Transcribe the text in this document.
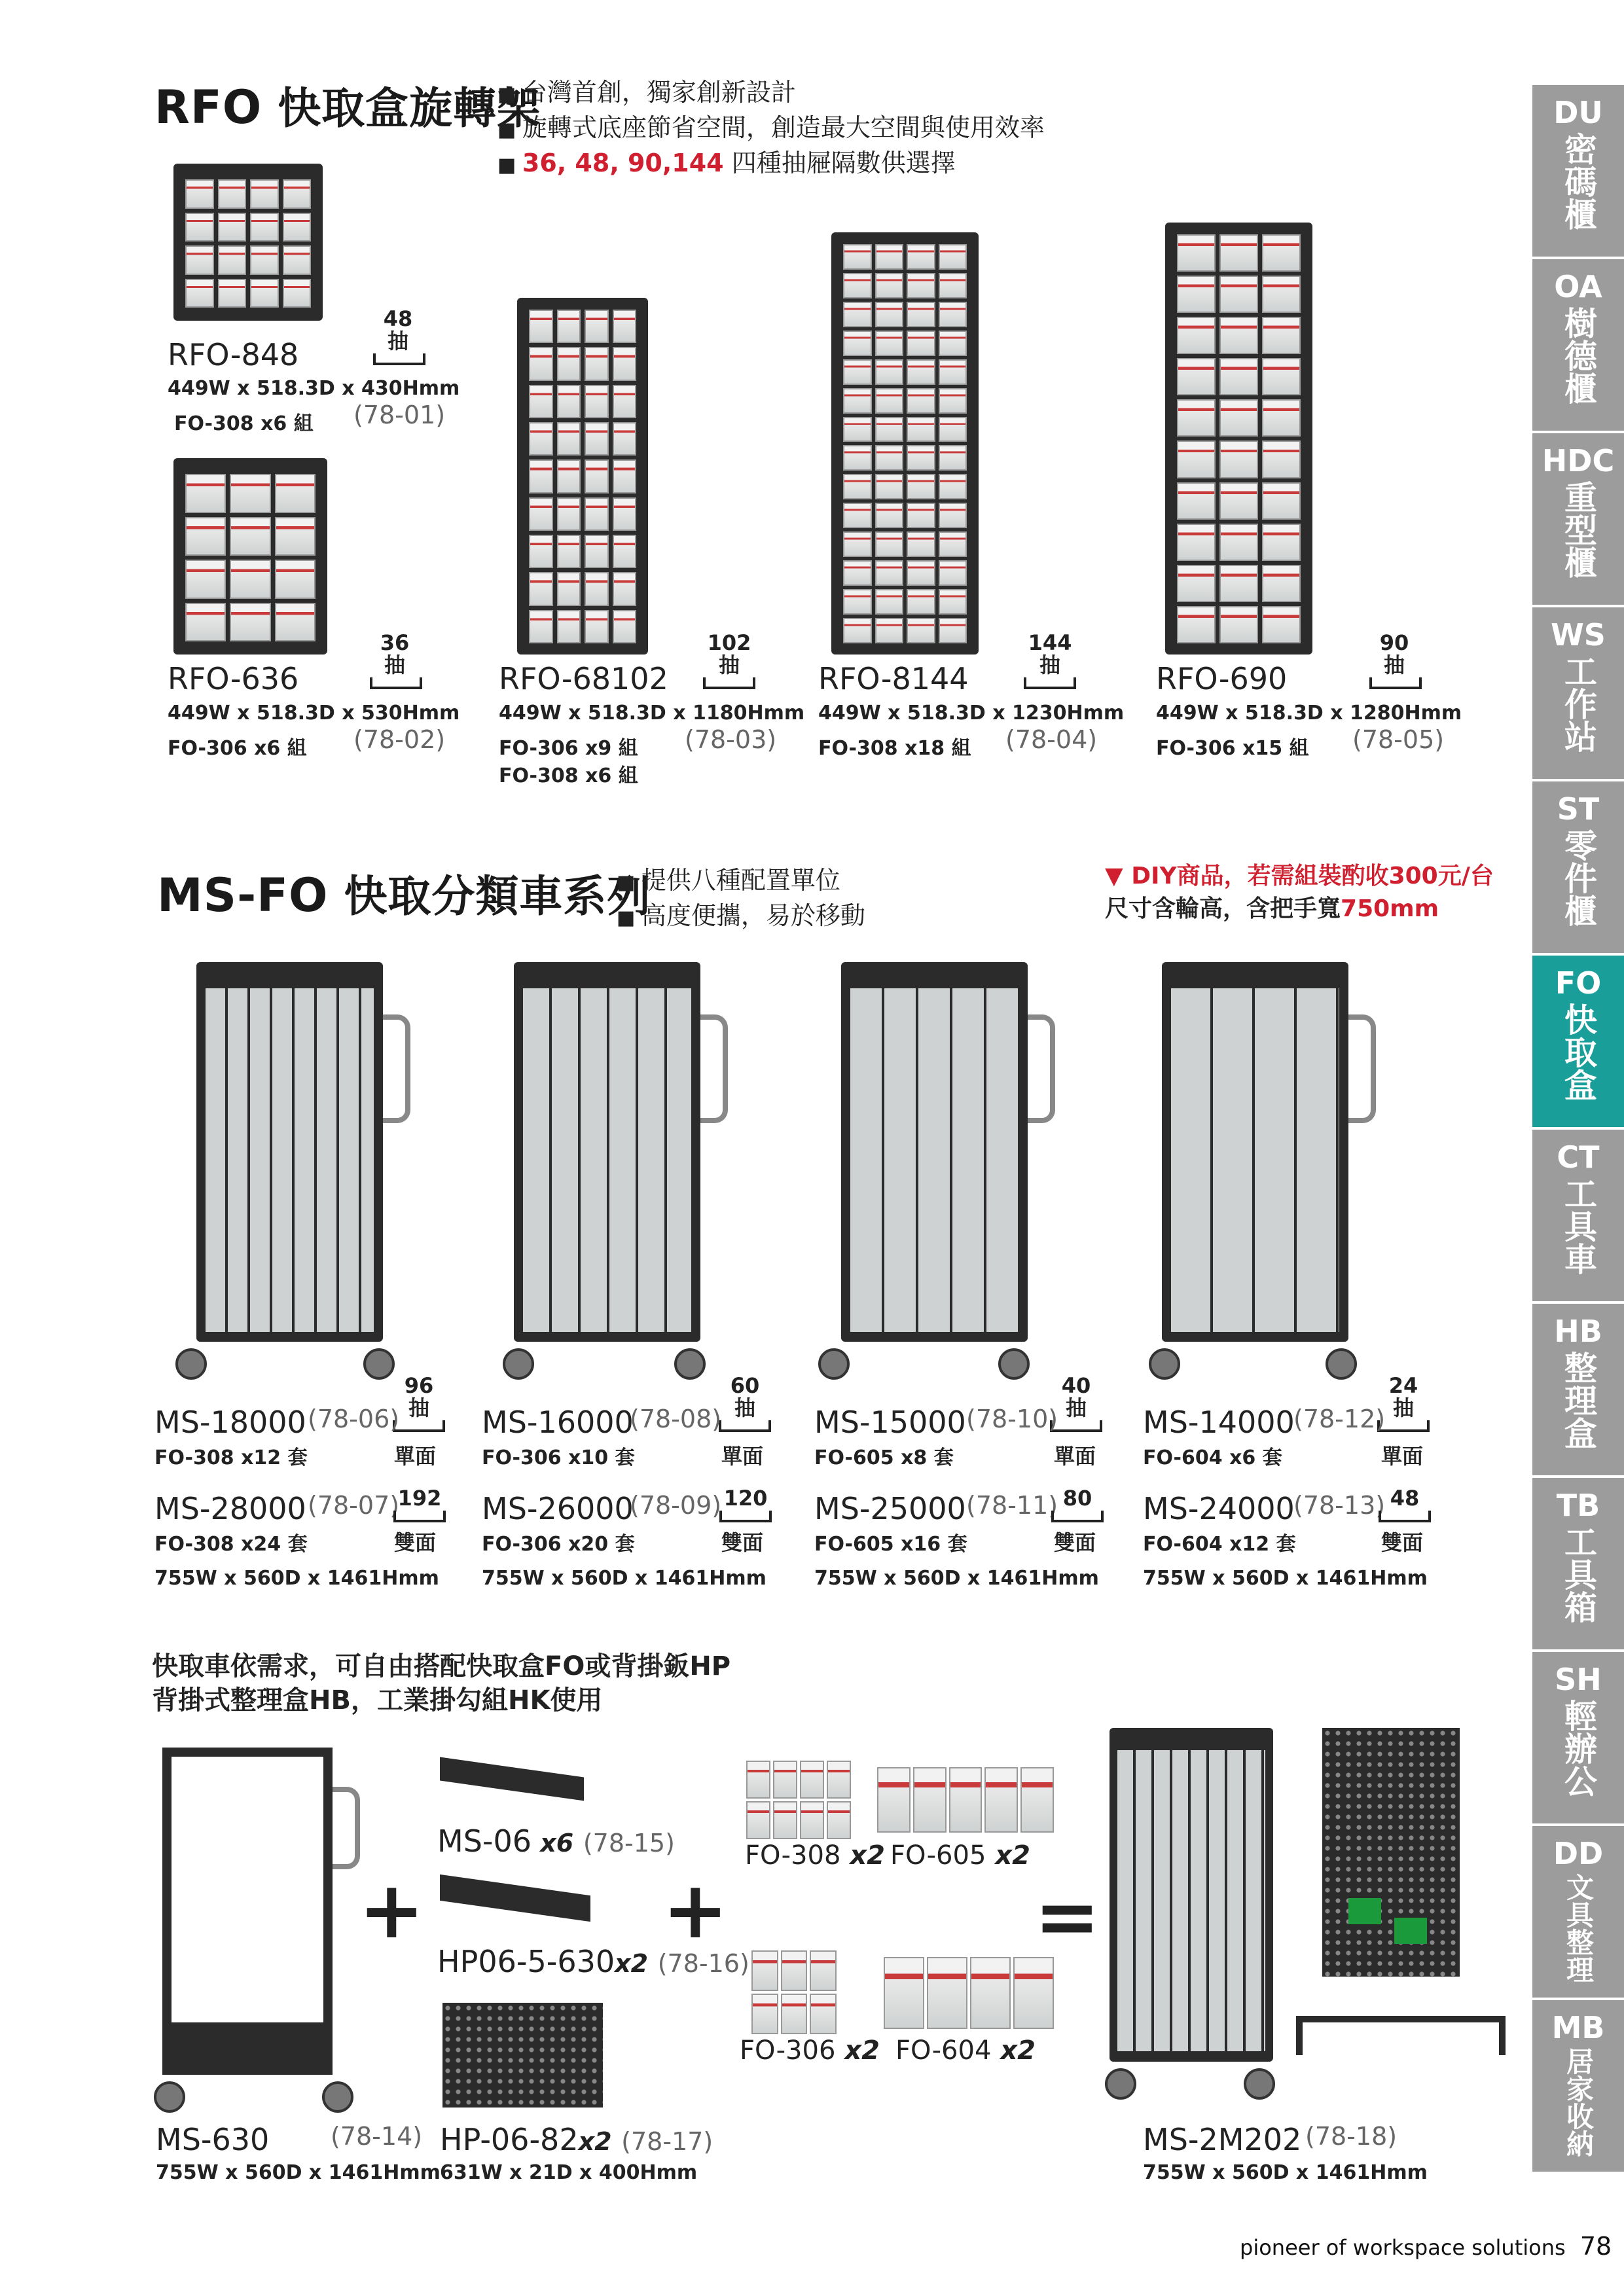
DU
密碼櫃
OA
樹德櫃
HDC
重型櫃
WS
工作站
ST
零件櫃
FO
快取盒
CT
工具車
HB
整理盒
TB
工具箱
SH
輕辦公
DD
文具整理
MB
居家收納
RFO 快取盒旋轉架
■ 台灣首創，獨家創新設計
■ 旋轉式底座節省空間，創造最大空間與使用效率
■ 36, 48, 90,144 四種抽屜隔數供選擇
48
抽
RFO-848
449W x 518.3D x 430Hmm
FO-308 x6 組 (78-01)
36
抽
RFO-636
449W x 518.3D x 530Hmm
FO-306 x6 組 (78-02)
102
抽
RFO-68102
449W x 518.3D x 1180Hmm
FO-306 x9 組
FO-308 x6 組
(78-03)
144
抽
RFO-8144
449W x 518.3D x 1230Hmm
FO-308 x18 組 (78-04)
90
抽
RFO-690
449W x 518.3D x 1280Hmm
FO-306 x15 組 (78-05)
MS-FO 快取分類車系列
■ 提供八種配置單位
■ 高度便攜，易於移動
▼ DIY商品，若需組裝酌收300元/台
尺寸含輪高，含把手寬750mm
96
抽
MS-18000 (78-06)
FO-308 x12 套	單面
MS-28000 (78-07)
192
FO-308 x24 套	雙面
755W x 560D x 1461Hmm
60
抽
MS-16000
(78-08)
FO-306 x10 套	單面
MS-26000
(78-09) 120
FO-306 x20 套	雙面
755W x 560D x 1461Hmm
40
抽
MS-15000 (78-10)
FO-605 x8 套	單面
MS-25000 (78-11) 80
FO-605 x16 套	雙面
755W x 560D x 1461Hmm
24
抽
MS-14000
(78-12)
FO-604 x6 套	單面
MS-24000
(78-13) 48
FO-604 x12 套	雙面
755W x 560D x 1461Hmm
快取車依需求，可自由搭配快取盒FO或背掛鈑HP
背掛式整理盒HB，工業掛勾組HK使用
MS-630 (78-14)
755W x 560D x 1461Hmm
+
MS-06 x6 (78-15)
HP06-5-630x2 (78-16)
HP-06-82x2 (78-17)
631W x 21D x 400Hmm
+
FO-308 x2 FO-605 x2
FO-306 x2 FO-604 x2
=
MS-2M202 (78-18)
755W x 560D x 1461Hmm
pioneer of workspace solutions 78
